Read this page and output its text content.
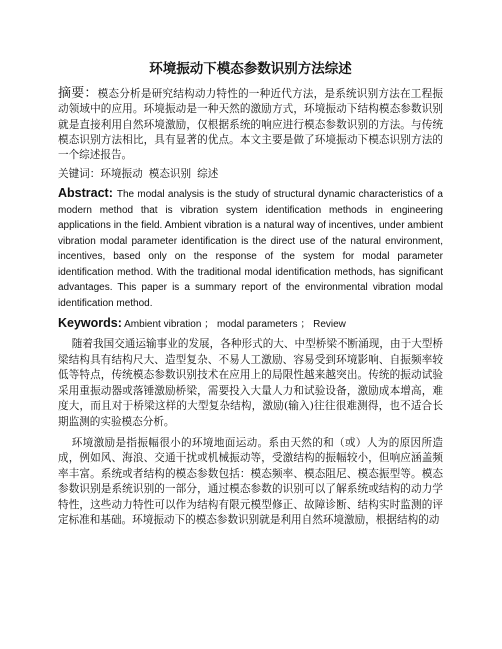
环境振动下模态参数识别方法综述

摘要：模态分析是研究结构动力特性的一种近代方法，是系统识别方法在工程振动领域中的应用。环境振动是一种天然的激励方式，环境振动下结构模态参数识别就是直接利用自然环境激励，仅根据系统的响应进行模态参数识别的方法。与传统模态识别方法相比，具有显著的优点。本文主要是做了环境振动下模态识别方法的一个综述报告。

关键词：环境振动 模态识别 综述

Abstract: The modal analysis is the study of structural dynamic characteristics of a modern method that is vibration system identification methods in engineering applications in the field. Ambient vibration is a natural way of incentives, under ambient vibration modal parameter identification is the direct use of the natural environment, incentives, based only on the response of the system for modal parameter identification method. With the traditional modal identification methods, has significant advantages. This paper is a summary report of the environmental vibration modal identification method.

Keywords: Ambient vibration ； modal parameters ； Review

随着我国交通运输事业的发展，各种形式的大、中型桥梁不断涌现，由于大型桥梁结构具有结构尺大、造型复杂、不易人工激励、容易受到环境影响、自振频率较低等特点，传统模态参数识别技术在应用上的局限性越来越突出。传统的振动试验采用重振动器或落锤激励桥梁，需要投入大量人力和试验设备，激励成本增高，难度大，而且对于桥梁这样的大型复杂结构，激励(输入)往往很难测得，也不适合长期监测的实验模态分析。

环境激励是指振幅很小的环境地面运动。系由天然的和（或）人为的原因所造成，例如风、海浪、交通干扰或机械振动等，受激结构的振幅较小，但响应涵盖频率丰富。系统或者结构的模态参数包括：模态频率、模态阻尼、模态振型等。模态参数识别是系统识别的一部分，通过模态参数的识别可以了解系统或结构的动力学特性，这些动力特性可以作为结构有限元模型修正、故障诊断、结构实时监测的评定标准和基础。环境振动下的模态参数识别就是利用自然环境激励，根据结构的动
